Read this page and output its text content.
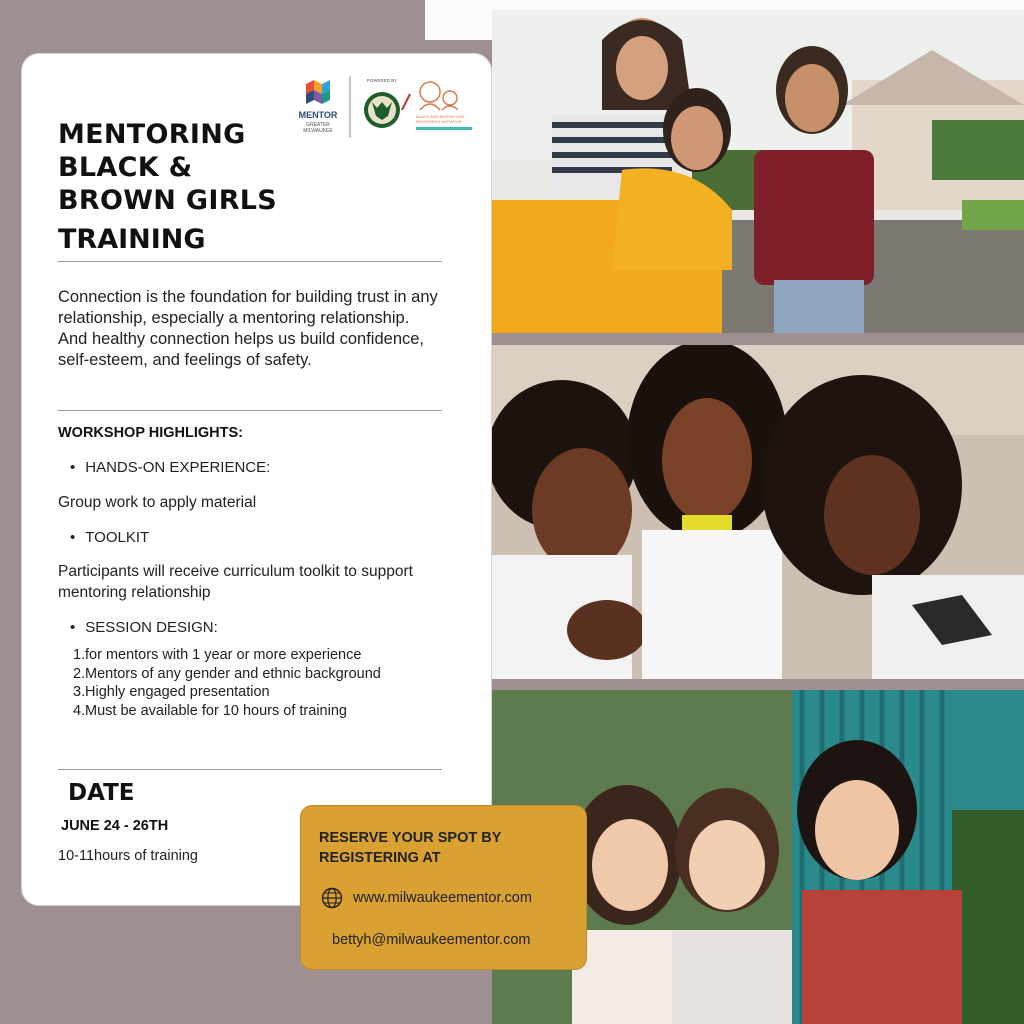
MENTOR
GREATER
MILWAUKEE
POWERED BY
BLACK AND BROWN GIRL
MENTORING INITIATIVE
MENTORING
BLACK &
BROWN GIRLS
TRAINING
Connection is the foundation for building trust in any relationship, especially a mentoring relationship. And healthy connection helps us build confidence, self-esteem, and feelings of safety.
WORKSHOP HIGHLIGHTS:
• HANDS-ON EXPERIENCE:
Group work to apply material
• TOOLKIT
Participants will receive curriculum toolkit to support mentoring relationship
• SESSION DESIGN:
1. for mentors with 1 year or more experience
2. Mentors of any gender and ethnic background
3. Highly engaged presentation
4. Must be available for 10 hours of training
DATE
JUNE 24 - 26TH
10-11hours of training
RESERVE YOUR SPOT BY REGISTERING AT
www.milwaukeementor.com
bettyh@milwaukeementor.com
